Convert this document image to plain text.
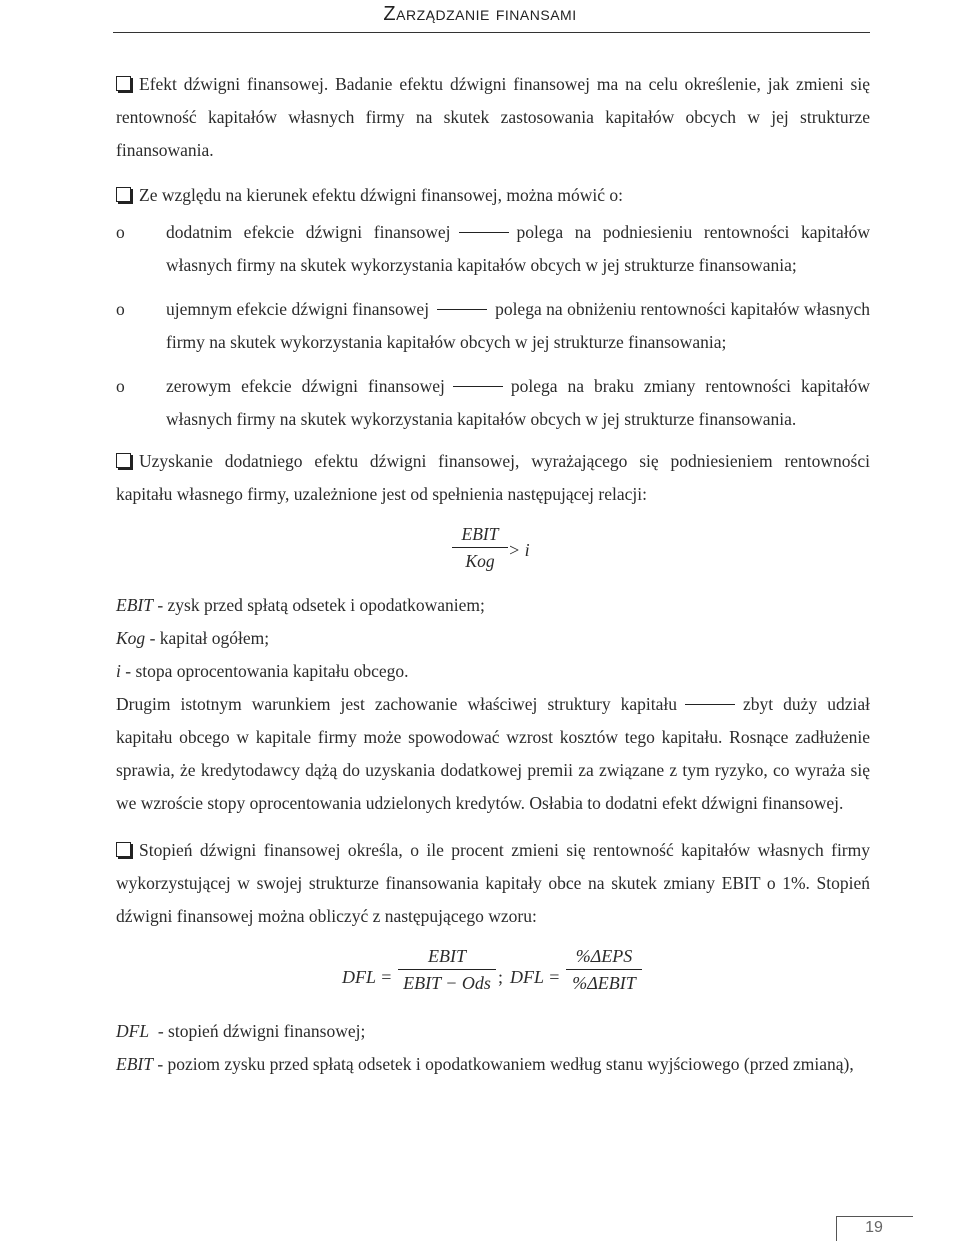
Zarządzanie finansami

Efekt dźwigni finansowej. Badanie efektu dźwigni finansowej ma na celu określenie, jak zmieni się rentowność kapitałów własnych firmy na skutek zastosowania kapitałów obcych w jej strukturze finansowania.

Ze względu na kierunek efektu dźwigni finansowej, można mówić o:

o dodatnim efekcie dźwigni finansowej	polega na podniesieniu rentowności kapitałów własnych firmy na skutek wykorzystania kapitałów obcych w jej strukturze finansowania;
o ujemnym efekcie dźwigni finansowej	polega na obniżeniu rentowności kapitałów własnych firmy na skutek wykorzystania kapitałów obcych w jej strukturze finansowania;
o zerowym efekcie dźwigni finansowej	polega na braku zmiany rentowności kapitałów własnych firmy na skutek wykorzystania kapitałów obcych w jej strukturze finansowania.

Uzyskanie dodatniego efektu dźwigni finansowej, wyrażającego się podniesieniem rentowności kapitału własnego firmy, uzależnione jest od spełnienia następującej relacji:

EBIT
Kog
> i
EBIT - zysk przed spłatą odsetek i opodatkowaniem;
Kog - kapitał ogółem;
i - stopa oprocentowania kapitału obcego.

Drugim istotnym warunkiem jest zachowanie właściwej struktury kapitału	zbyt duży udział kapitału obcego w kapitale firmy może spowodować wzrost kosztów tego kapitału. Rosnące zadłużenie sprawia, że kredytodawcy dążą do uzyskania dodatkowej premii za związane z tym ryzyko, co wyraża się we wzroście stopy oprocentowania udzielonych kredytów. Osłabia to dodatni efekt dźwigni finansowej.

Stopień dźwigni finansowej określa, o ile procent zmieni się rentowność kapitałów własnych firmy wykorzystującej w swojej strukturze finansowania kapitały obce na skutek zmiany EBIT o 1%. Stopień dźwigni finansowej można obliczyć z następującego wzoru:

DFL =
EBIT
EBIT − Ods ; DFL =
%ΔEPS
%ΔEBIT
DFL  - stopień dźwigni finansowej;
EBIT - poziom zysku przed spłatą odsetek i opodatkowaniem według stanu wyjściowego (przed zmianą),
19
